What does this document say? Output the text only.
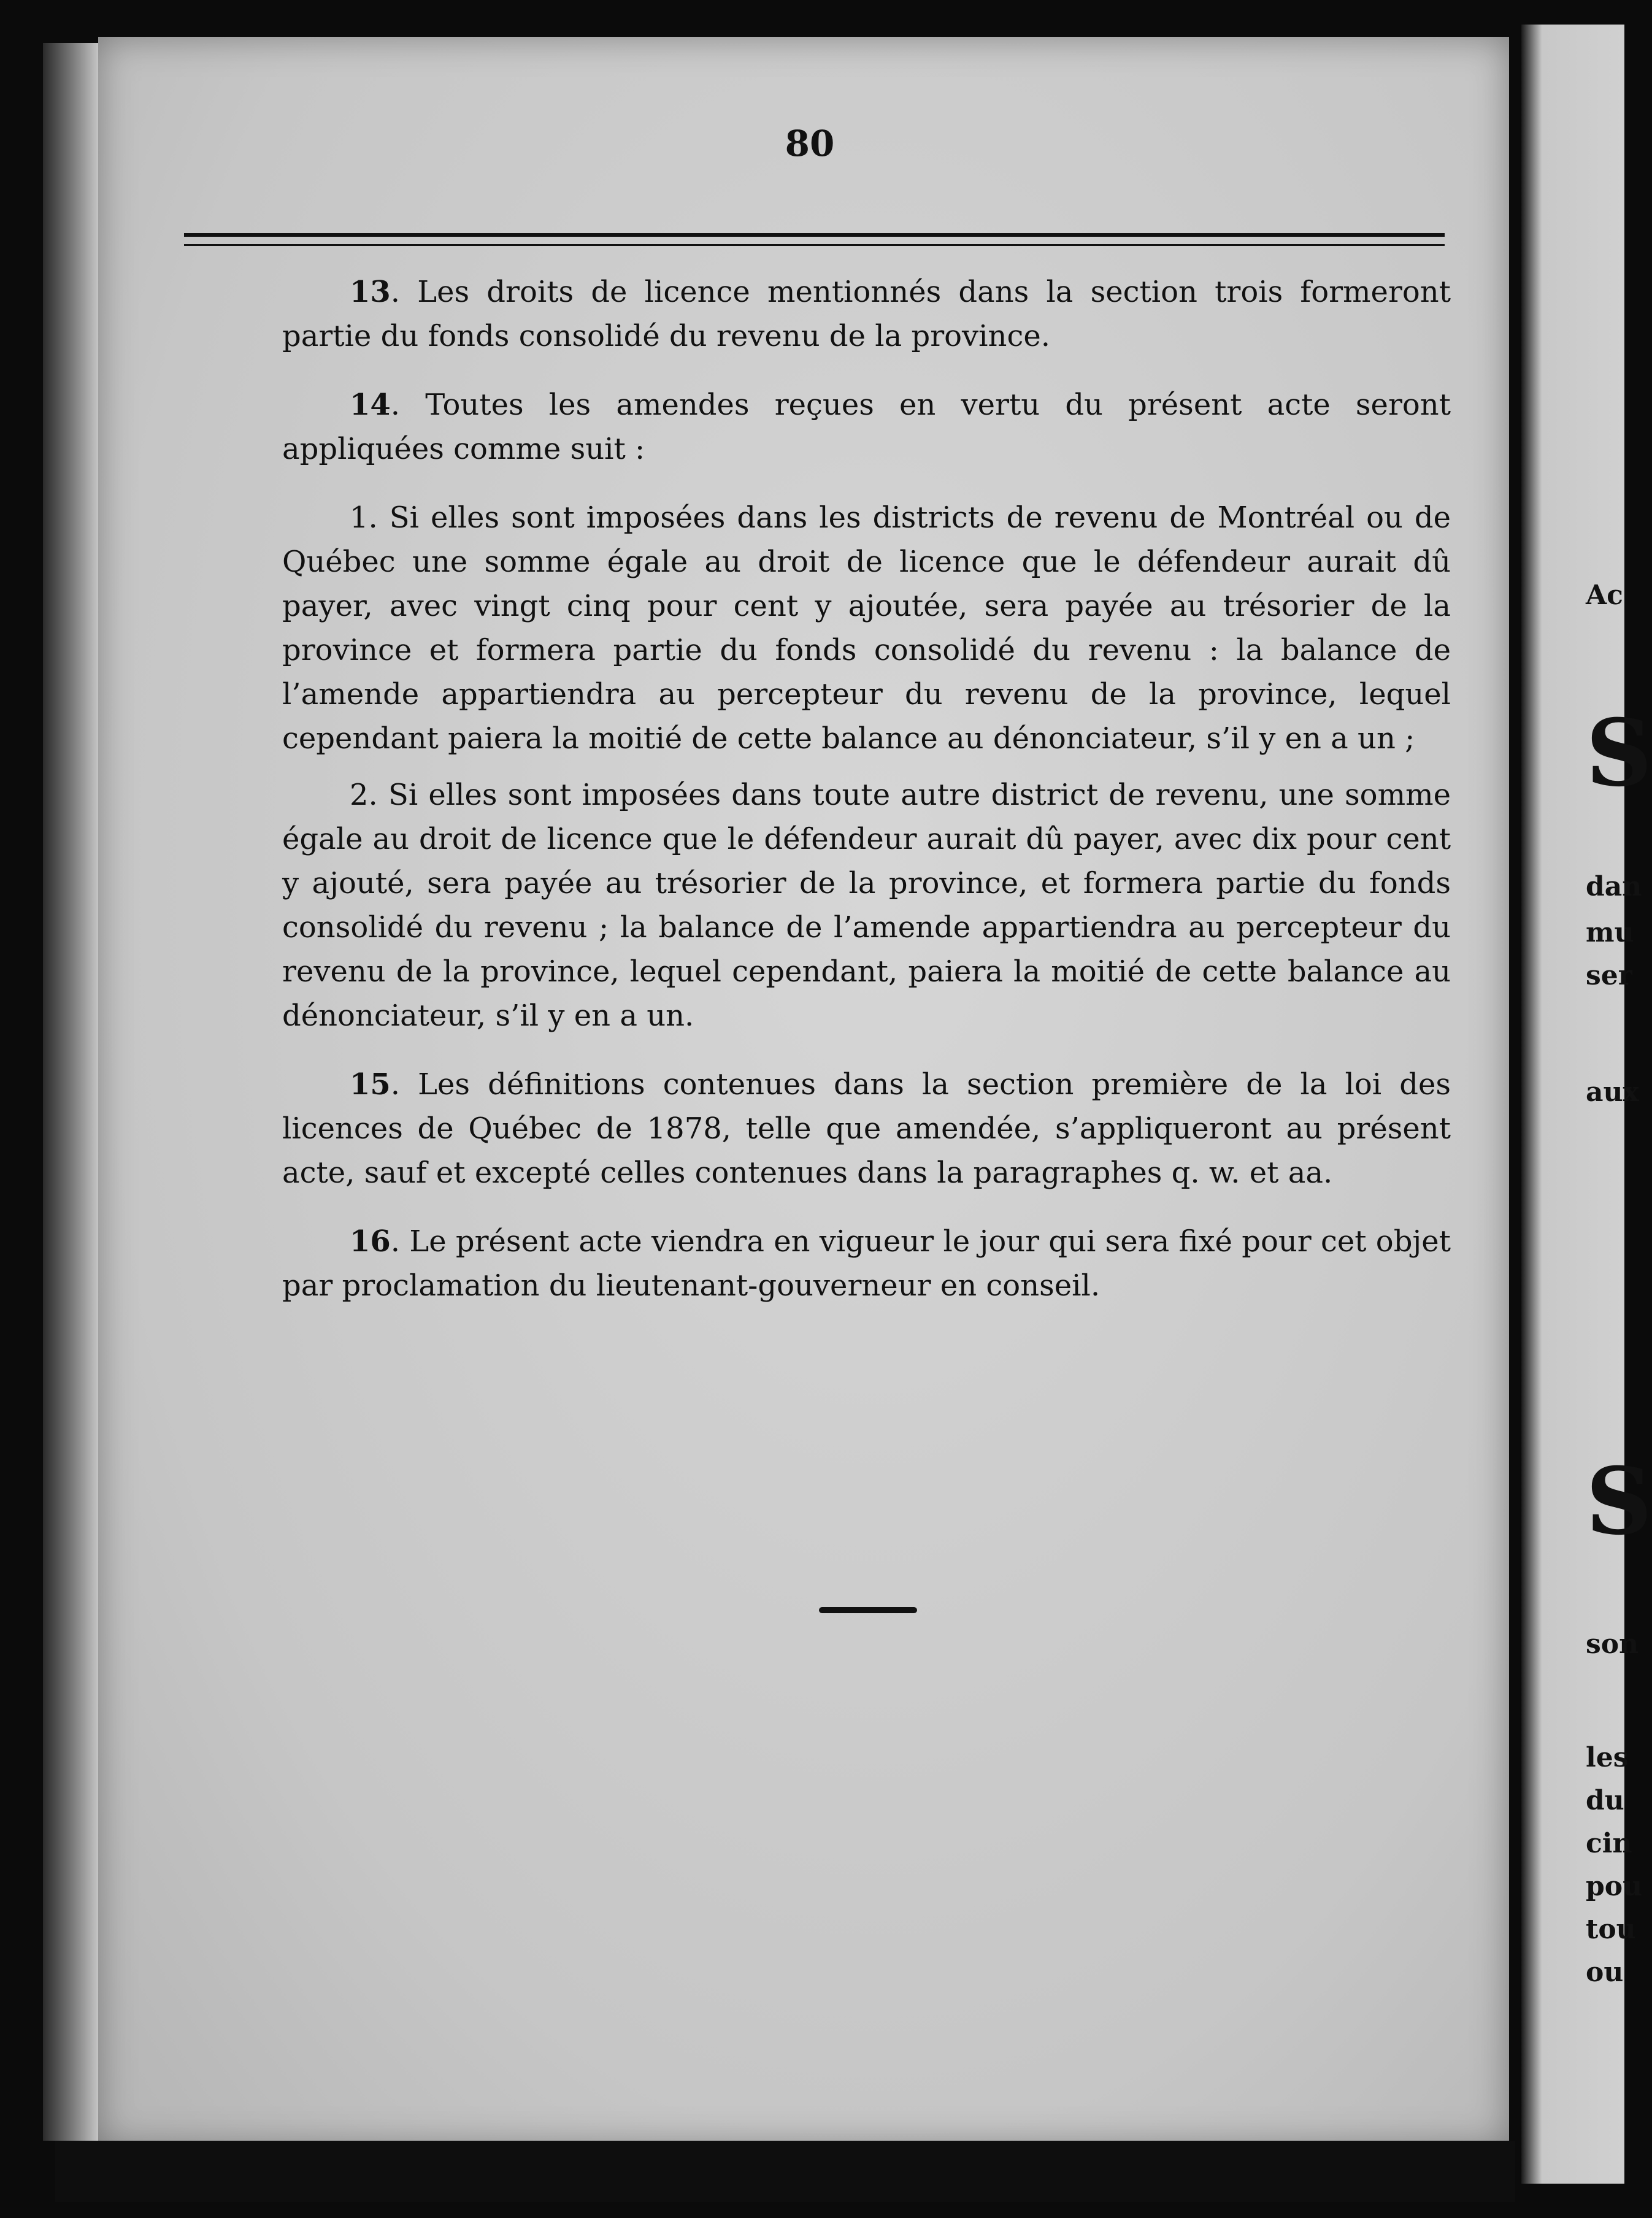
80

13. Les droits de licence mentionnés dans la section trois formeront partie du fonds consolidé du revenu de la province.

14. Toutes les amendes reçues en vertu du présent acte seront appliquées comme suit :

1. Si elles sont imposées dans les districts de revenu de Montréal ou de Québec une somme égale au droit de licence que le défendeur aurait dû payer, avec vingt cinq pour cent y ajoutée, sera payée au trésorier de la province et formera partie du fonds consolidé du revenu : la balance de l’amende appartiendra au percepteur du revenu de la province, lequel cependant paiera la moitié de cette balance au dénonciateur, s’il y en a un ;

2. Si elles sont imposées dans toute autre district de revenu, une somme égale au droit de licence que le défendeur aurait dû payer, avec dix pour cent y ajouté, sera payée au trésorier de la province, et formera partie du fonds consolidé du revenu ; la balance de l’amende appartiendra au percepteur du revenu de la province, lequel cependant, paiera la moitié de cette balance au dénonciateur, s’il y en a un.

15. Les définitions contenues dans la section première de la loi des licences de Québec de 1878, telle que amendée, s’appliqueront au présent acte, sauf et excepté celles contenues dans la paragraphes q. w. et aa.

16. Le présent acte viendra en vigueur le jour qui sera fixé pour cet objet par proclamation du lieutenant-gouverneur en conseil.

Ac
S
dan
mu
ser
aux
S
son
les
du
cin
pou
tou
ou
